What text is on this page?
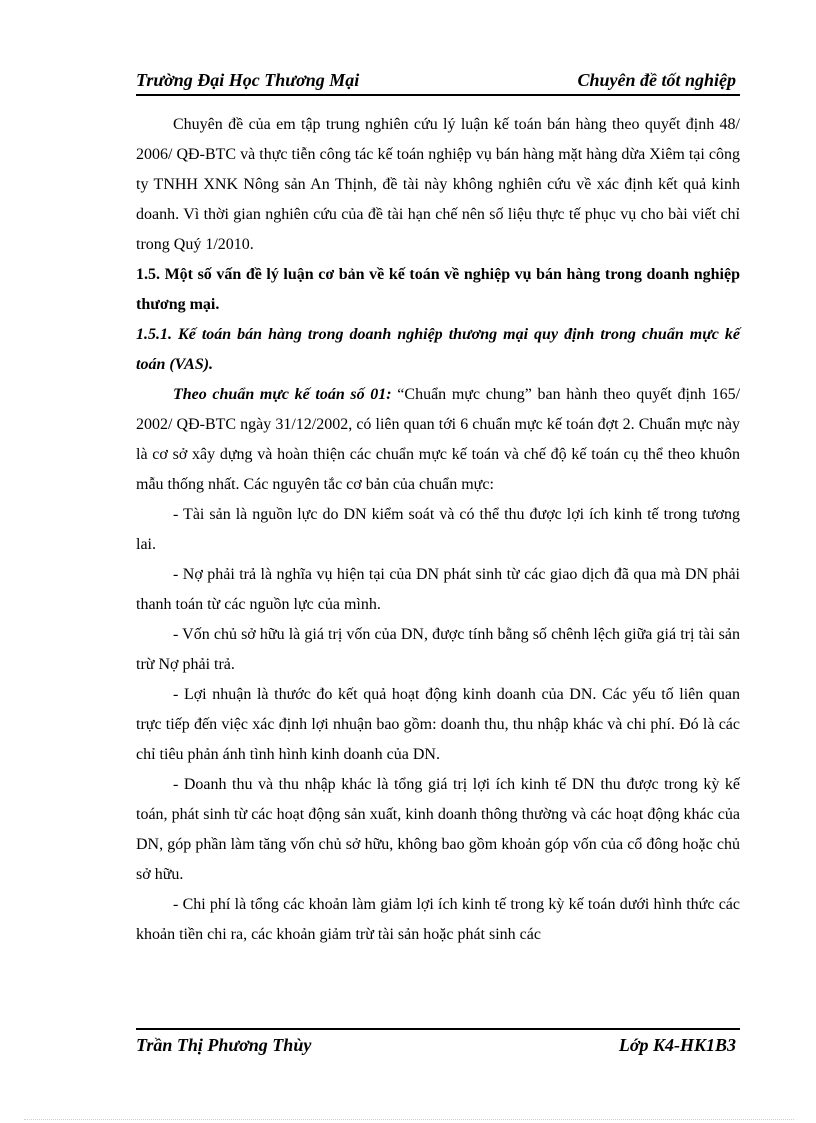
Trường Đại Học Thương Mại	Chuyên đề tốt nghiệp

Chuyên đề của em tập trung nghiên cứu lý luận kế toán bán hàng theo quyết định 48/ 2006/ QĐ-BTC và thực tiễn công tác kế toán nghiệp vụ bán hàng mặt hàng dừa Xiêm tại công ty TNHH XNK Nông sản An Thịnh, đề tài này không nghiên cứu về xác định kết quả kinh doanh. Vì thời gian nghiên cứu của đề tài hạn chế nên số liệu thực tế phục vụ cho bài viết chỉ trong Quý 1/2010.

1.5. Một số vấn đề lý luận cơ bản về kế toán về nghiệp vụ bán hàng trong doanh nghiệp thương mại.

1.5.1. Kế toán bán hàng trong doanh nghiệp thương mại quy định trong chuẩn mực kế toán (VAS).

Theo chuẩn mực kế toán số 01: “Chuẩn mực chung” ban hành theo quyết định 165/ 2002/ QĐ-BTC ngày 31/12/2002, có liên quan tới 6 chuẩn mực kế toán đợt 2. Chuẩn mực này là cơ sở xây dựng và hoàn thiện các chuẩn mực kế toán và chế độ kế toán cụ thể theo khuôn mẫu thống nhất. Các nguyên tắc cơ bản của chuẩn mực:

- Tài sản là nguồn lực do DN kiểm soát và có thể thu được lợi ích kinh tế trong tương lai.

- Nợ phải trả là nghĩa vụ hiện tại của DN phát sinh từ các giao dịch đã qua mà DN phải thanh toán từ các nguồn lực của mình.

- Vốn chủ sở hữu là giá trị vốn của DN, được tính bằng số chênh lệch giữa giá trị tài sản trừ Nợ phải trả.

- Lợi nhuận là thước đo kết quả hoạt động kinh doanh của DN. Các yếu tố liên quan trực tiếp đến việc xác định lợi nhuận bao gồm: doanh thu, thu nhập khác và chi phí. Đó là các chỉ tiêu phản ánh tình hình kinh doanh của DN.

- Doanh thu và thu nhập khác là tổng giá trị lợi ích kinh tế DN thu được trong kỳ kế toán, phát sinh từ các hoạt động sản xuất, kinh doanh thông thường và các hoạt động khác của DN, góp phần làm tăng vốn chủ sở hữu, không bao gồm khoản góp vốn của cổ đông hoặc chủ sở hữu.

- Chi phí là tổng các khoản làm giảm lợi ích kinh tế trong kỳ kế toán dưới hình thức các khoản tiền chi ra, các khoản giảm trừ tài sản hoặc phát sinh các

Trần Thị Phương Thùy	Lớp K4-HK1B3
